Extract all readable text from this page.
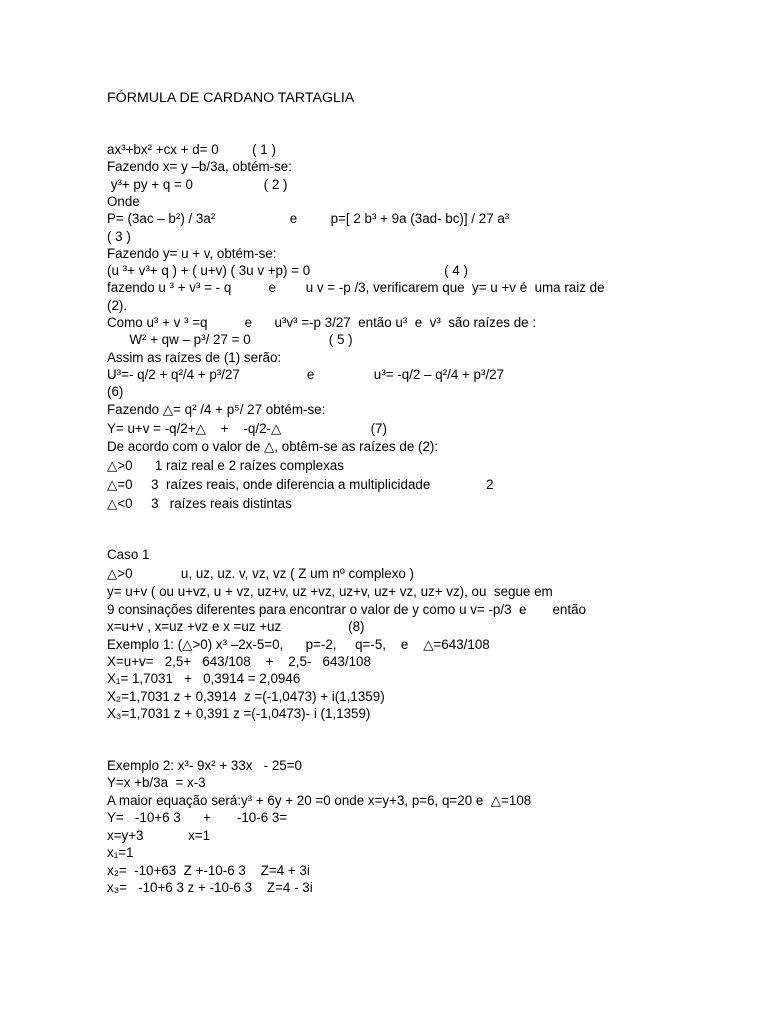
FÓRMULA DE CARDANO TARTAGLIA
ax³+bx² +cx + d= 0         ( 1 )
Fazendo x= y –b/3a, obtém-se:
y³+ py + q = 0                   ( 2 )
Onde
P= (3ac – b²) / 3a²                    e         p=[ 2 b³ + 9a (3ad- bc)] / 27 a³
( 3 )
Fazendo y= u + v, obtém-se:
(u ³+ v³+ q ) + ( u+v) ( 3u v +p) = 0                                    ( 4 )
fazendo u ³ + v³ = - q          e        u v = -p /3, verificarem que  y= u +v é  uma raiz de
(2).
Como u³ + v ³ =q          e      u³v³ =-p 3/27  então u³  e  v³  são raízes de :
W² + qw – p³/ 27 = 0                     ( 5 )
Assim as raízes de (1) serão:
U³=- q/2 + q²/4 + p³/27                  e                u³= -q/2 – q²/4 + p³/27
(6)
Fazendo △= q² /4 + p⁵/ 27 obtém-se:
Y= u+v = -q/2+△    +    -q/2-△                        (7)
De acordo com o valor de △, obtêm-se as raízes de (2):
△>0      1 raiz real e 2 raízes complexas
△=0     3  raízes reais, onde diferencia a multiplicidade               2
△<0     3   raízes reais distintas
Caso 1
△>0             u, uz, uz. v, vz, vz ( Z um nº complexo )
y= u+v ( ou u+vz, u + vz, uz+v, uz +vz, uz+v, uz+ vz, uz+ vz), ou  segue em
9 consinações diferentes para encontrar o valor de y como u v= -p/3  e       então
x=u+v , x=uz +vz e x =uz +uz                  (8)
Exemplo 1: (△>0) x³ –2x-5=0,      p=-2,     q=-5,    e    △=643/108
X=u+v=   2,5+   643/108    +    2,5-   643/108
X₁= 1,7031   +   0,3914 = 2,0946
X₂=1,7031 z + 0,3914  z =(-1,0473) + i(1,1359)
X₃=1,7031 z + 0,391 z =(-1,0473)- i (1,1359)
Exemplo 2: x³- 9x² + 33x   - 25=0
Y=x +b/3a  = x-3
A maior equação será:y³ + 6y + 20 =0 onde x=y+3, p=6, q=20 e  △=108
Y=   -10+6 3      +       -10-6 3=
x=y+3            x=1
x₁=1
x₂=  -10+63  Z +-10-6 3    Z=4 + 3i
x₃=   -10+6 3 z + -10-6 3    Z=4 - 3i
